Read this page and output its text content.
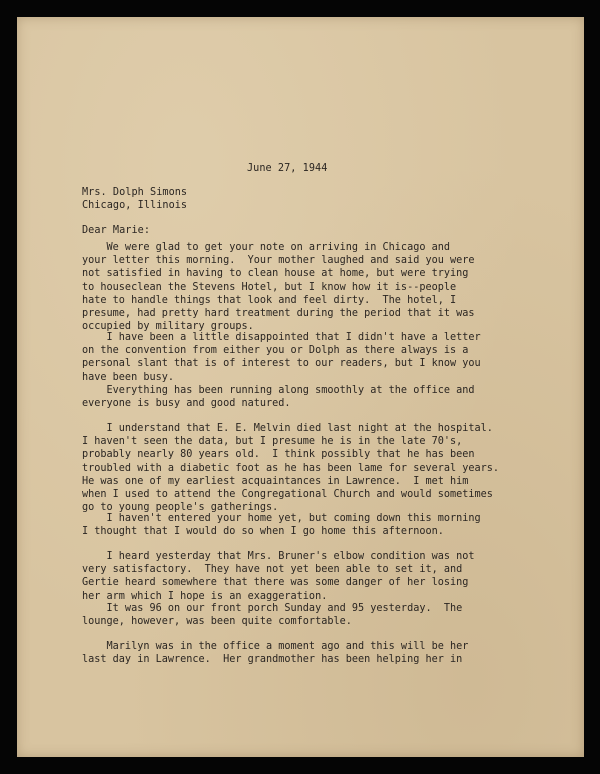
June 27, 1944
Mrs. Dolph Simons
Chicago, Illinois
Dear Marie:
We were glad to get your note on arriving in Chicago and
your letter this morning.  Your mother laughed and said you were
not satisfied in having to clean house at home, but were trying
to houseclean the Stevens Hotel, but I know how it is--people
hate to handle things that look and feel dirty.  The hotel, I
presume, had pretty hard treatment during the period that it was
occupied by military groups.
I have been a little disappointed that I didn't have a letter
on the convention from either you or Dolph as there always is a
personal slant that is of interest to our readers, but I know you
have been busy.
Everything has been running along smoothly at the office and
everyone is busy and good natured.
I understand that E. E. Melvin died last night at the hospital.
I haven't seen the data, but I presume he is in the late 70's,
probably nearly 80 years old.  I think possibly that he has been
troubled with a diabetic foot as he has been lame for several years.
He was one of my earliest acquaintances in Lawrence.  I met him
when I used to attend the Congregational Church and would sometimes
go to young people's gatherings.
I haven't entered your home yet, but coming down this morning
I thought that I would do so when I go home this afternoon.
I heard yesterday that Mrs. Bruner's elbow condition was not
very satisfactory.  They have not yet been able to set it, and
Gertie heard somewhere that there was some danger of her losing
her arm which I hope is an exaggeration.
It was 96 on our front porch Sunday and 95 yesterday.  The
lounge, however, was been quite comfortable.
Marilyn was in the office a moment ago and this will be her
last day in Lawrence.  Her grandmother has been helping her in
